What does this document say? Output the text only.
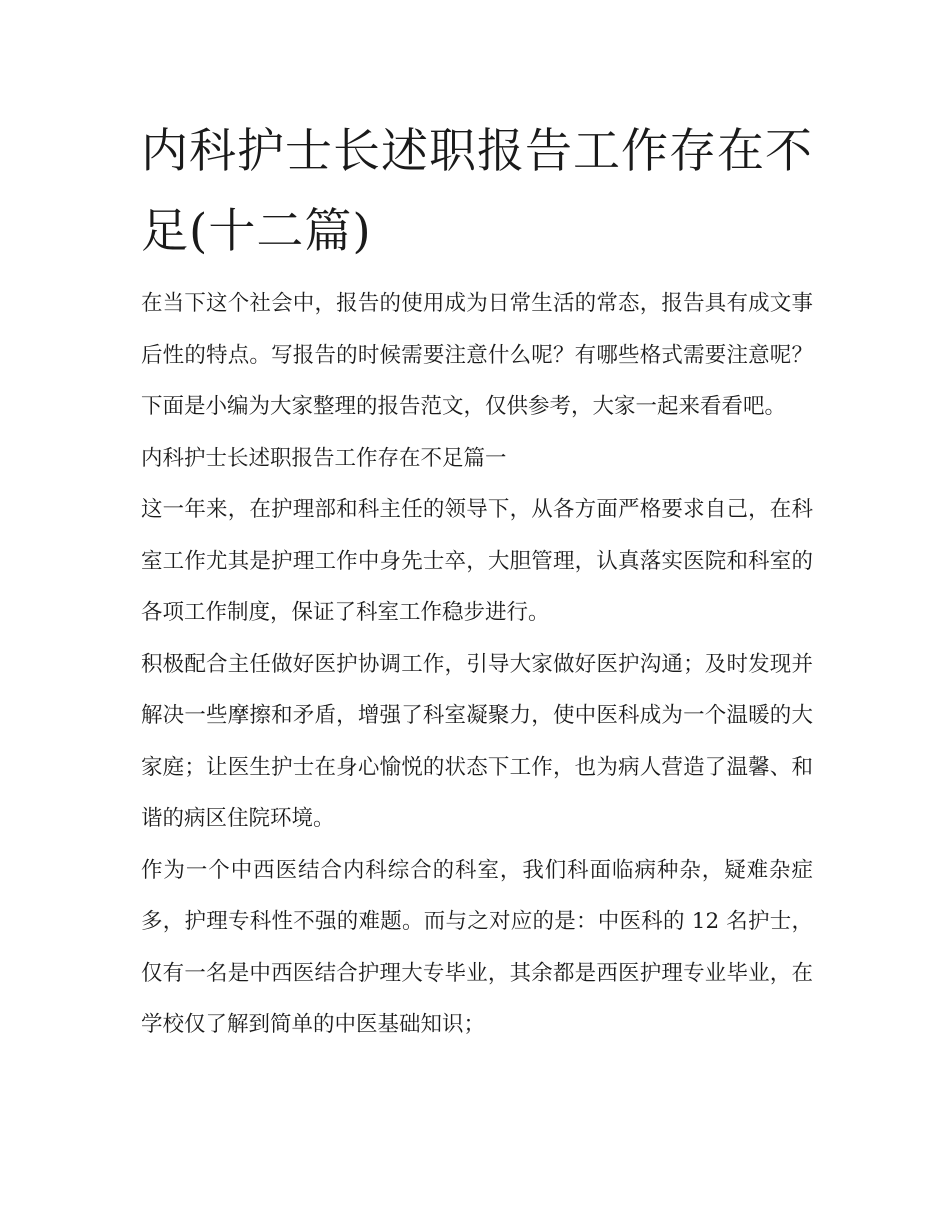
内科护士长述职报告工作存在不足(十二篇)

在当下这个社会中，报告的使用成为日常生活的常态，报告具有成文事后性的特点。写报告的时候需要注意什么呢？有哪些格式需要注意呢？下面是小编为大家整理的报告范文，仅供参考，大家一起来看看吧。

内科护士长述职报告工作存在不足篇一

这一年来，在护理部和科主任的领导下，从各方面严格要求自己，在科室工作尤其是护理工作中身先士卒，大胆管理，认真落实医院和科室的各项工作制度，保证了科室工作稳步进行。

积极配合主任做好医护协调工作，引导大家做好医护沟通；及时发现并解决一些摩擦和矛盾，增强了科室凝聚力，使中医科成为一个温暖的大家庭；让医生护士在身心愉悦的状态下工作，也为病人营造了温馨、和谐的病区住院环境。

作为一个中西医结合内科综合的科室，我们科面临病种杂，疑难杂症多，护理专科性不强的难题。而与之对应的是：中医科的 12 名护士，仅有一名是中西医结合护理大专毕业，其余都是西医护理专业毕业，在学校仅了解到简单的中医基础知识；
